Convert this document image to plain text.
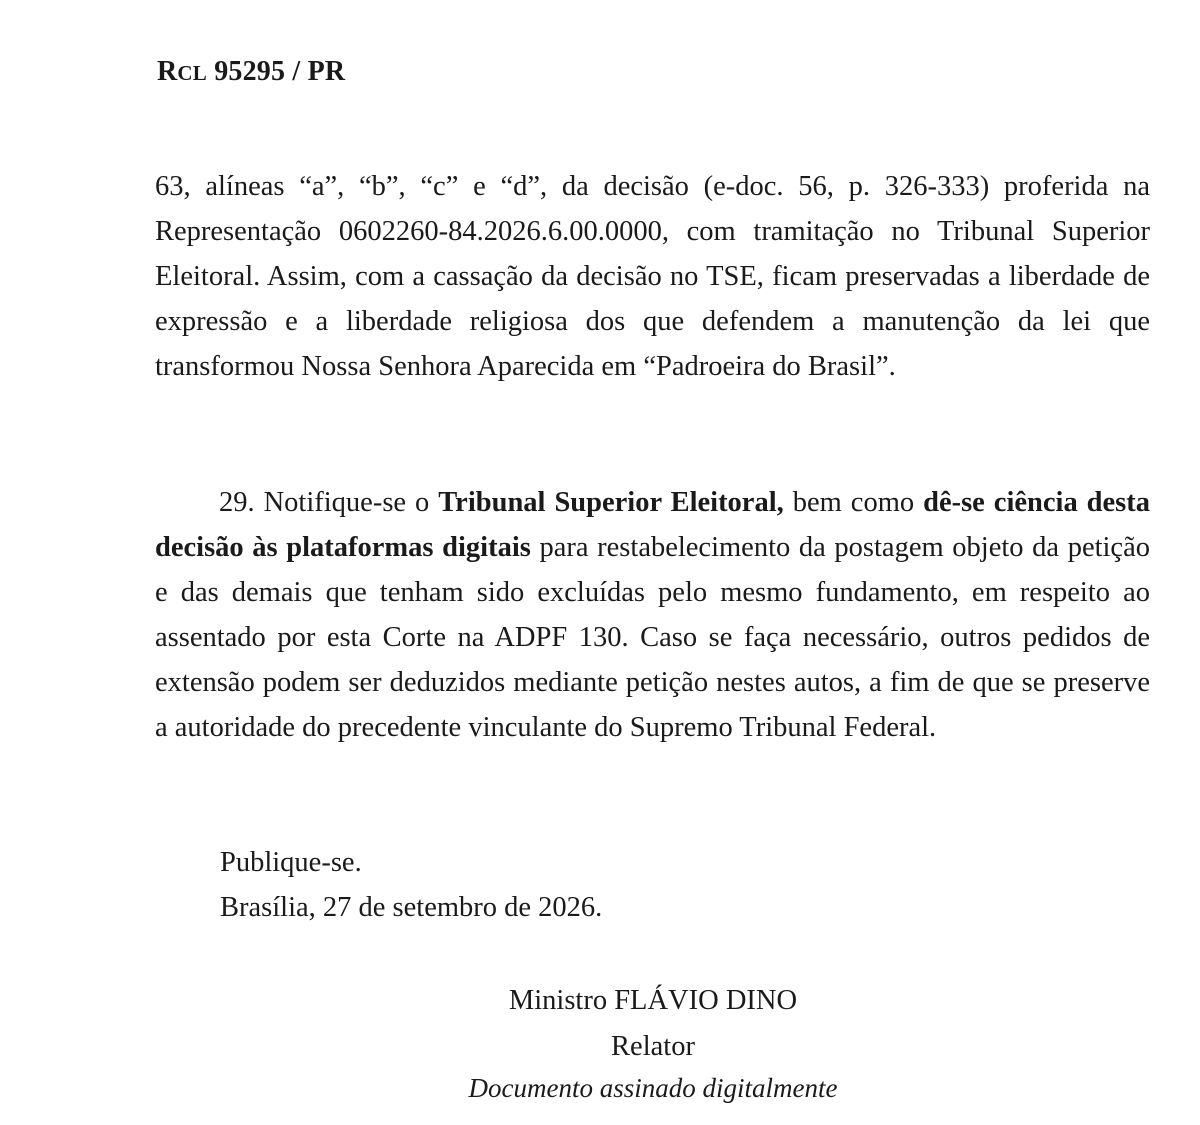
RCL 95295 / PR
63, alíneas “a”, “b”, “c” e “d”, da decisão (e-doc. 56, p. 326-333) proferida na Representação 0602260-84.2026.6.00.0000, com tramitação no Tribunal Superior Eleitoral. Assim, com a cassação da decisão no TSE, ficam preservadas a liberdade de expressão e a liberdade religiosa dos que defendem a manutenção da lei que transformou Nossa Senhora Aparecida em “Padroeira do Brasil”.
29. Notifique-se o Tribunal Superior Eleitoral, bem como dê-se ciência desta decisão às plataformas digitais para restabelecimento da postagem objeto da petição e das demais que tenham sido excluídas pelo mesmo fundamento, em respeito ao assentado por esta Corte na ADPF 130. Caso se faça necessário, outros pedidos de extensão podem ser deduzidos mediante petição nestes autos, a fim de que se preserve a autoridade do precedente vinculante do Supremo Tribunal Federal.
Publique-se.
Brasília, 27 de setembro de 2026.
Ministro FLÁVIO DINO
Relator
Documento assinado digitalmente
